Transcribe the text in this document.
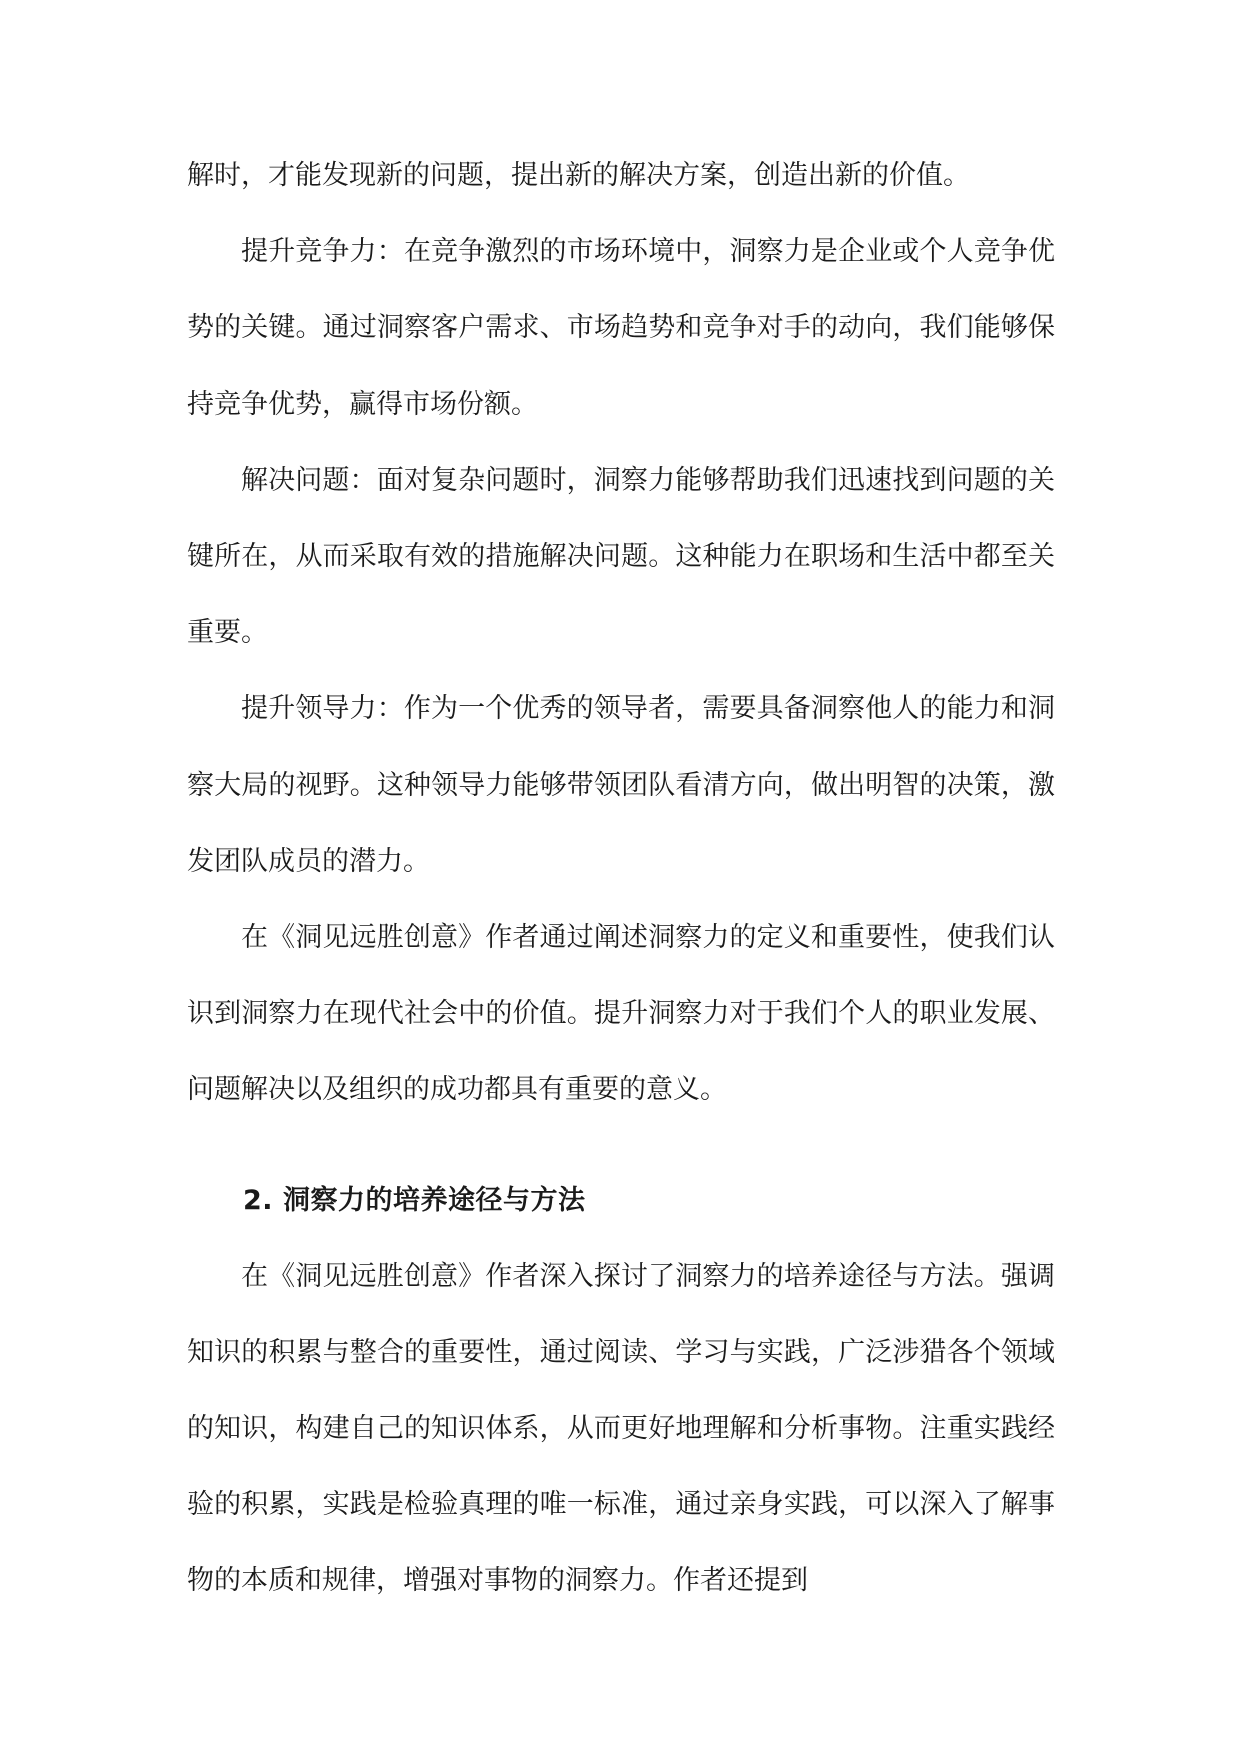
解时，才能发现新的问题，提出新的解决方案，创造出新的价值。

提升竞争力：在竞争激烈的市场环境中，洞察力是企业或个人竞争优势的关键。通过洞察客户需求、市场趋势和竞争对手的动向，我们能够保持竞争优势，赢得市场份额。

解决问题：面对复杂问题时，洞察力能够帮助我们迅速找到问题的关键所在，从而采取有效的措施解决问题。这种能力在职场和生活中都至关重要。

提升领导力：作为一个优秀的领导者，需要具备洞察他人的能力和洞察大局的视野。这种领导力能够带领团队看清方向，做出明智的决策，激发团队成员的潜力。

在《洞见远胜创意》作者通过阐述洞察力的定义和重要性，使我们认识到洞察力在现代社会中的价值。提升洞察力对于我们个人的职业发展、问题解决以及组织的成功都具有重要的意义。

2. 洞察力的培养途径与方法

在《洞见远胜创意》作者深入探讨了洞察力的培养途径与方法。强调知识的积累与整合的重要性，通过阅读、学习与实践，广泛涉猎各个领域的知识，构建自己的知识体系，从而更好地理解和分析事物。注重实践经验的积累，实践是检验真理的唯一标准，通过亲身实践，可以深入了解事物的本质和规律，增强对事物的洞察力。作者还提到
